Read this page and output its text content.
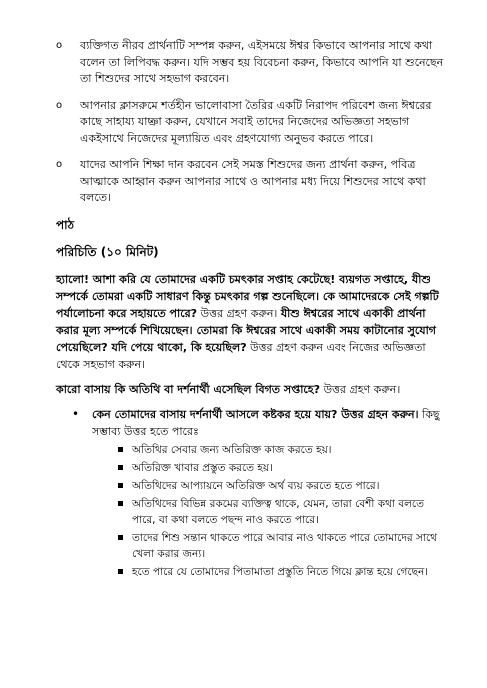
o ব্যক্তিগত নীরব প্রার্থনাটি সম্পন্ন করুন, এইসময়ে ঈশ্বর কিভাবে আপনার সাথে কথা বলেন তা লিপিবদ্ধ করুন। যদি সম্ভব হয় বিবেচনা করুন, কিভাবে আপনি যা শুনেছেন তা শিশুদের সাথে সহভাগ করবেন।

o আপনার ক্লাসরুমে শর্তহীন ভালোবাসা তৈরির একটি নিরাপদ পরিবেশ জন্য ঈশ্বরের কাছে সাহায্য যাচ্ঞা করুন, যেখানে সবাই তাদের নিজেদের অভিজ্ঞতা সহভাগ একইসাথে নিজেদের মূল্যায়িত এবং গ্রহণযোগ্য অনুভব করতে পারে।

o যাদের আপনি শিক্ষা দান করবেন সেই সমস্ত শিশুদের জন্য প্রার্থনা করুন, পবিত্র আত্মাকে আহ্বান করুন আপনার সাথে ও আপনার মধ্য দিয়ে শিশুদের সাথে কথা বলতে।

পাঠ
পরিচিতি (১০ মিনিট)

হ্যালো! আশা করি যে তোমাদের একটি চমৎকার সপ্তাহ কেটেছে! ব্যয়গত সপ্তাহে, যীশু সম্পর্কে তোমরা একটি সাধারণ কিন্তু চমৎকার গল্প শুনেছিলে। কে আমাদেরকে সেই গল্পটি পর্যালোচনা করে সহায়তে পারে? উত্তর গ্রহণ করুন। যীশু ঈশ্বরের সাথে একাকী প্রার্থনা করার মূল্য সম্পর্কে শিখিয়েছেন। তোমরা কি ঈশ্বরের সাথে একাকী সময় কাটানোর সুযোগ পেয়েছিলে? যদি পেয়ে থাকো, কি হয়েছিল? উত্তর গ্রহণ করুন এবং নিজের অভিজ্ঞতা থেকে সহভাগ করুন।

কারো বাসায় কি অতিথি বা দর্শনার্থী এসেছিল বিগত সপ্তাহে? উত্তর গ্রহণ করুন।

• কেন তোমাদের বাসায় দর্শনার্থী আসলে কষ্টকর হয়ে যায়? উত্তর গ্রহন করুন। কিছু সম্ভাব্য উত্তর হতে পারেঃ
অতিথির সেবার জন্য অতিরিক্ত কাজ করতে হয়।
অতিরিক্ত খাবার প্রস্তুত করতে হয়।
অতিথিদের আপ্যায়নে অতিরিক্ত অর্থ ব্যয় করতে হতে পারে।
অতিথিদের বিভিন্ন রকমের ব্যক্তিত্ব থাকে, যেমন, তারা বেশী কথা বলতে পারে, বা কথা বলতে পছন্দ নাও করতে পারে।
তাদের শিশু সন্তান থাকতে পারে আবার নাও থাকতে পারে তোমাদের সাথে খেলা করার জন্য।
হতে পারে যে তোমাদের পিতামাতা প্রস্তুতি নিতে গিয়ে ক্লান্ত হয়ে গেছেন।
